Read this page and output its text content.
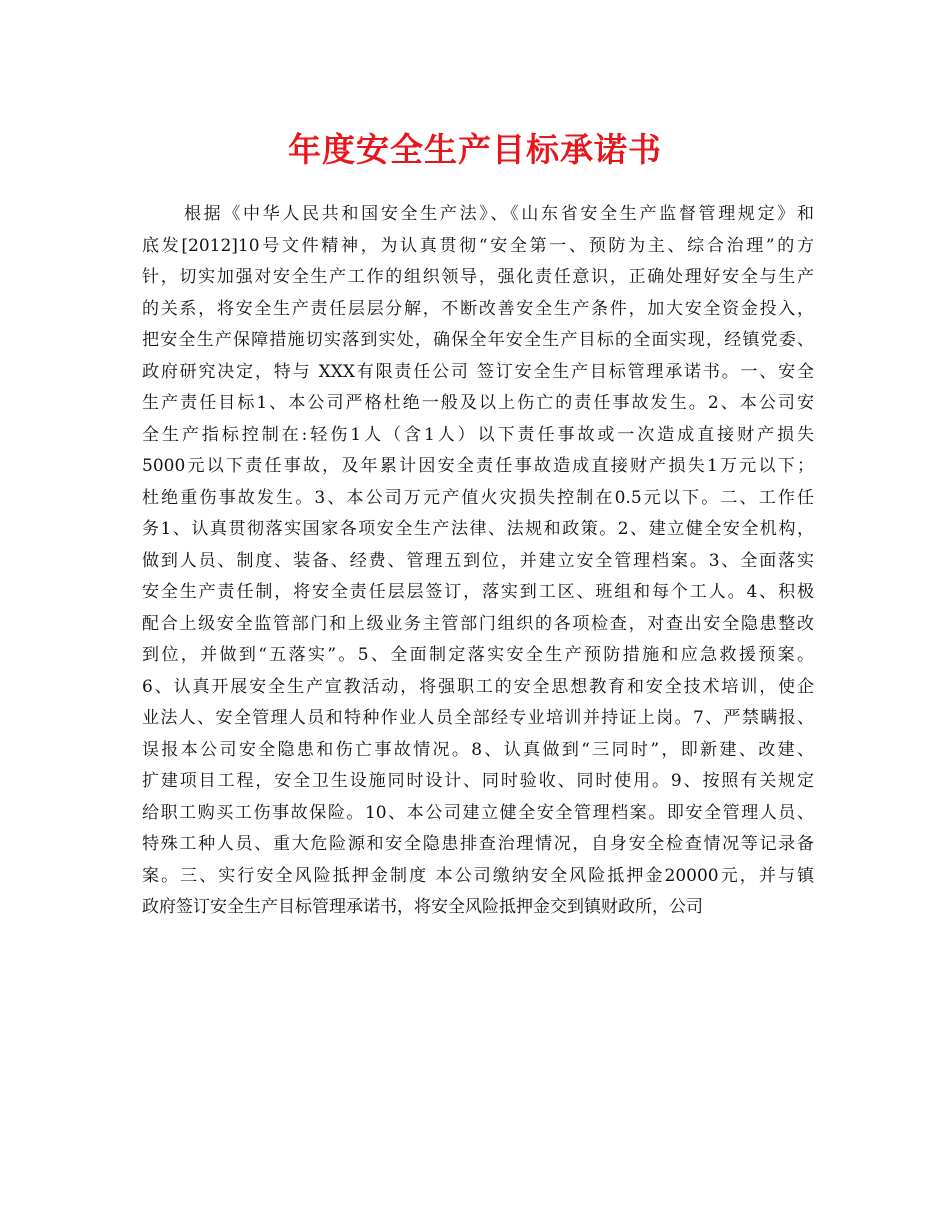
年度安全生产目标承诺书
根据《中华人民共和国安全生产法》、《山东省安全生产监督管理规定》和
底发[2012]10号文件精神，为认真贯彻“安全第一、预防为主、综合治理”的方
针，切实加强对安全生产工作的组织领导，强化责任意识，正确处理好安全与生产
的关系，将安全生产责任层层分解，不断改善安全生产条件，加大安全资金投入，
把安全生产保障措施切实落到实处，确保全年安全生产目标的全面实现，经镇党委、
政府研究决定，特与 XXX有限责任公司 签订安全生产目标管理承诺书。一、安全
生产责任目标1、本公司严格杜绝一般及以上伤亡的责任事故发生。2、本公司安
全生产指标控制在:轻伤1人（含1人）以下责任事故或一次造成直接财产损失
5000元以下责任事故，及年累计因安全责任事故造成直接财产损失1万元以下；
杜绝重伤事故发生。3、本公司万元产值火灾损失控制在0.5元以下。二、工作任
务1、认真贯彻落实国家各项安全生产法律、法规和政策。2、建立健全安全机构，
做到人员、制度、装备、经费、管理五到位，并建立安全管理档案。3、全面落实
安全生产责任制，将安全责任层层签订，落实到工区、班组和每个工人。4、积极
配合上级安全监管部门和上级业务主管部门组织的各项检查，对查出安全隐患整改
到位，并做到“五落实”。5、全面制定落实安全生产预防措施和应急救援预案。
6、认真开展安全生产宣教活动，将强职工的安全思想教育和安全技术培训，使企
业法人、安全管理人员和特种作业人员全部经专业培训并持证上岗。7、严禁瞒报、
误报本公司安全隐患和伤亡事故情况。8、认真做到“三同时”，即新建、改建、
扩建项目工程，安全卫生设施同时设计、同时验收、同时使用。9、按照有关规定
给职工购买工伤事故保险。10、本公司建立健全安全管理档案。即安全管理人员、
特殊工种人员、重大危险源和安全隐患排查治理情况，自身安全检查情况等记录备
案。三、实行安全风险抵押金制度 本公司缴纳安全风险抵押金20000元，并与镇
政府签订安全生产目标管理承诺书，将安全风险抵押金交到镇财政所，公司
